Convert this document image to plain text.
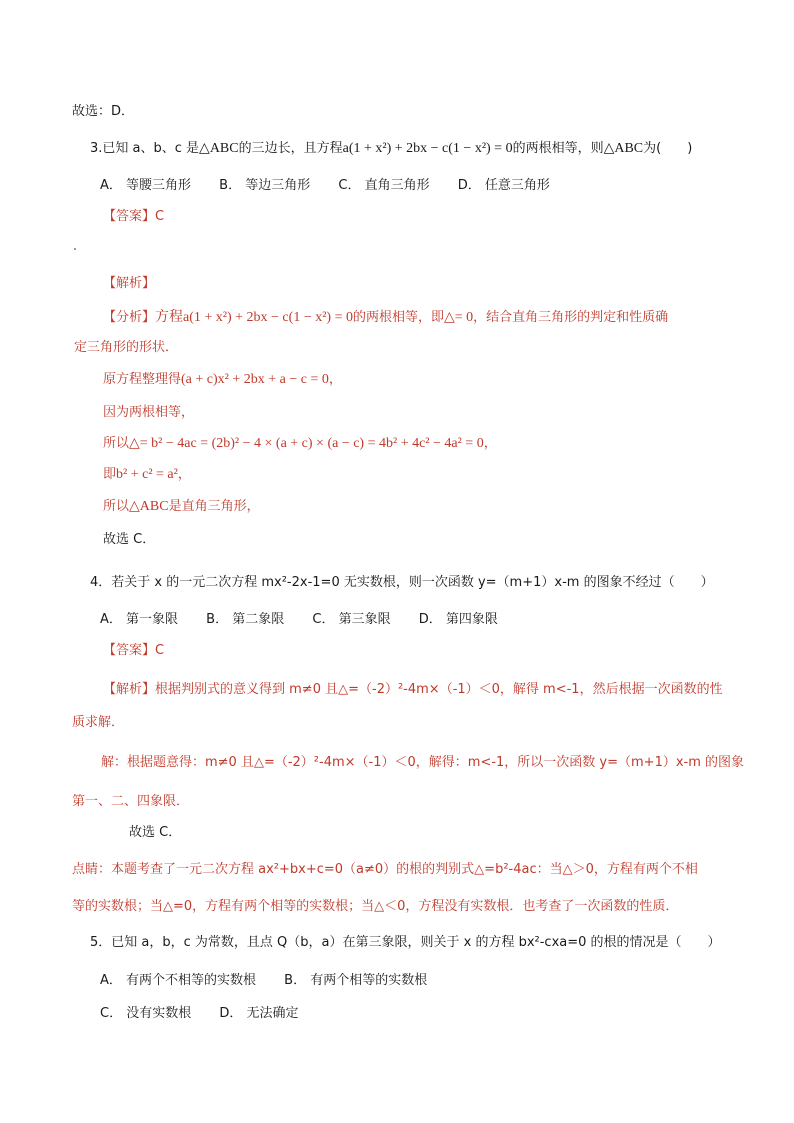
故选：D．
3.已知 a、b、c 是△ABC的三边长，且方程a(1 + x²) + 2bx − c(1 − x²) = 0的两根相等，则△ABC为(　　)
A． 等腰三角形 B． 等边三角形 C． 直角三角形 D． 任意三角形
【答案】C
【解析】
【分析】方程a(1 + x²) + 2bx − c(1 − x²) = 0的两根相等，即△= 0，结合直角三角形的判定和性质确
定三角形的形状．
原方程整理得(a + c)x² + 2bx + a − c = 0，
因为两根相等，
所以△= b² − 4ac = (2b)² − 4 × (a + c) × (a − c) = 4b² + 4c² − 4a² = 0，
即b² + c² = a²，
所以△ABC是直角三角形，
故选 C．
4．若关于 x 的一元二次方程 mx²-2x-1=0 无实数根，则一次函数 y=（m+1）x-m 的图象不经过（　　）
A． 第一象限 B． 第二象限 C． 第三象限 D． 第四象限
【答案】C
【解析】根据判别式的意义得到 m≠0 且△=（-2）²-4m×（-1）＜0，解得 m<-1，然后根据一次函数的性
质求解．
解：根据题意得：m≠0 且△=（-2）²-4m×（-1）＜0，解得：m<-1，所以一次函数 y=（m+1）x-m 的图象
第一、二、四象限．
故选 C．
点睛：本题考查了一元二次方程 ax²+bx+c=0（a≠0）的根的判别式△=b²-4ac：当△＞0，方程有两个不相
等的实数根；当△=0，方程有两个相等的实数根；当△＜0，方程没有实数根．也考查了一次函数的性质．
5．已知 a，b，c 为常数，且点 Q（b，a）在第三象限，则关于 x 的方程 bx²-cxa=0 的根的情况是（　　）
A． 有两个不相等的实数根 B． 有两个相等的实数根
C． 没有实数根 D． 无法确定
